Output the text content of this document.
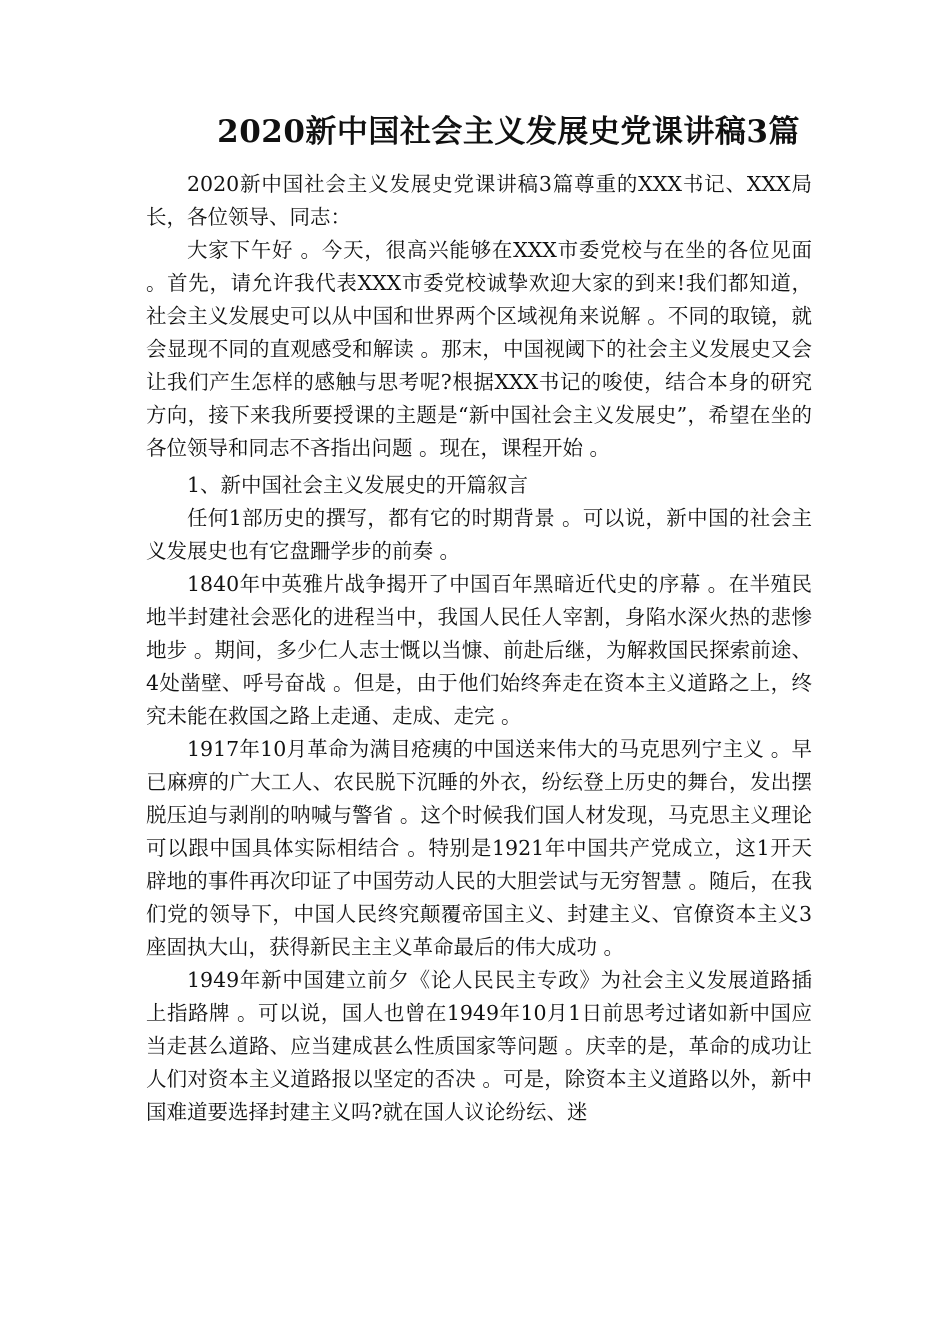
2020新中国社会主义发展史党课讲稿3篇

2020新中国社会主义发展史党课讲稿3篇尊重的XXX书记、XXX局长，各位领导、同志：

大家下午好 。今天，很高兴能够在XXX市委党校与在坐的各位见面 。首先，请允许我代表XXX市委党校诚挚欢迎大家的到来!我们都知道，社会主义发展史可以从中国和世界两个区域视角来说解 。不同的取镜，就会显现不同的直观感受和解读 。那末，中国视阈下的社会主义发展史又会让我们产生怎样的感触与思考呢?根据XXX书记的唆使，结合本身的研究方向，接下来我所要授课的主题是“新中国社会主义发展史”，希望在坐的各位领导和同志不吝指出问题 。现在，课程开始 。

1、新中国社会主义发展史的开篇叙言

任何1部历史的撰写，都有它的时期背景 。可以说，新中国的社会主义发展史也有它盘跚学步的前奏 。

1840年中英雅片战争揭开了中国百年黑暗近代史的序幕 。在半殖民地半封建社会恶化的进程当中，我国人民任人宰割，身陷水深火热的悲惨地步 。期间，多少仁人志士慨以当慷、前赴后继，为解救国民探索前途、4处凿壁、呼号奋战 。但是，由于他们始终奔走在资本主义道路之上，终究未能在救国之路上走通、走成、走完 。

1917年10月革命为满目疮痍的中国送来伟大的马克思列宁主义 。早已麻痹的广大工人、农民脱下沉睡的外衣，纷纭登上历史的舞台，发出摆脱压迫与剥削的呐喊与警省 。这个时候我们国人材发现，马克思主义理论可以跟中国具体实际相结合 。特别是1921年中国共产党成立，这1开天辟地的事件再次印证了中国劳动人民的大胆尝试与无穷智慧 。随后，在我们党的领导下，中国人民终究颠覆帝国主义、封建主义、官僚资本主义3座固执大山，获得新民主主义革命最后的伟大成功 。

1949年新中国建立前夕《论人民民主专政》为社会主义发展道路插上指路牌 。可以说，国人也曾在1949年10月1日前思考过诸如新中国应当走甚么道路、应当建成甚么性质国家等问题 。庆幸的是，革命的成功让人们对资本主义道路报以坚定的否决 。可是，除资本主义道路以外，新中国难道要选择封建主义吗?就在国人议论纷纭、迷
